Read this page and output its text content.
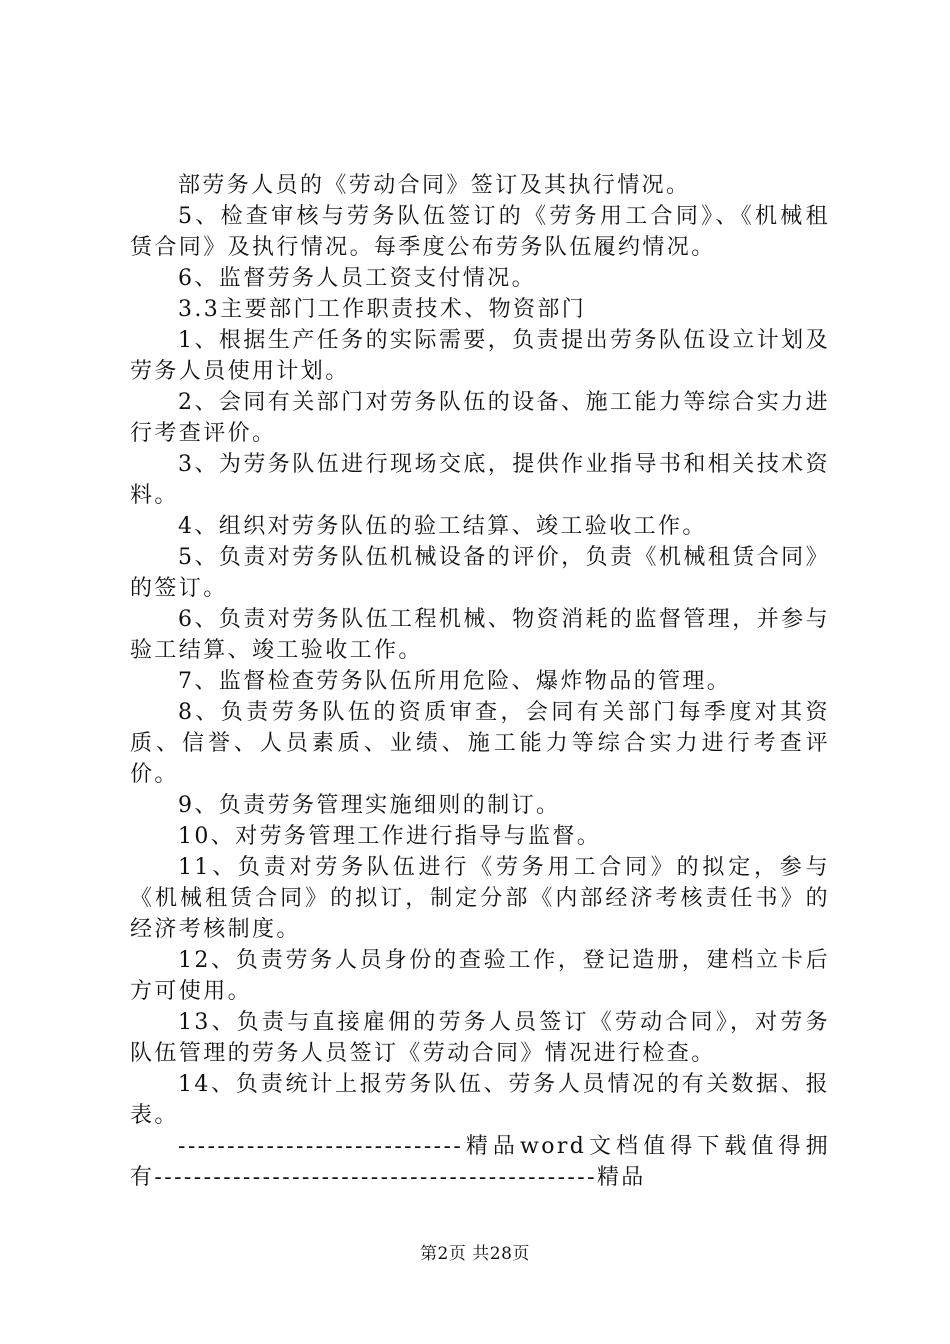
部劳务人员的《劳动合同》签订及其执行情况。

5、检查审核与劳务队伍签订的《劳务用工合同》、《机械租赁合同》及执行情况。每季度公布劳务队伍履约情况。

6、监督劳务人员工资支付情况。

3.3主要部门工作职责技术、物资部门

1、根据生产任务的实际需要，负责提出劳务队伍设立计划及劳务人员使用计划。

2、会同有关部门对劳务队伍的设备、施工能力等综合实力进行考查评价。

3、为劳务队伍进行现场交底，提供作业指导书和相关技术资料。

4、组织对劳务队伍的验工结算、竣工验收工作。

5、负责对劳务队伍机械设备的评价，负责《机械租赁合同》的签订。

6、负责对劳务队伍工程机械、物资消耗的监督管理，并参与验工结算、竣工验收工作。

7、监督检查劳务队伍所用危险、爆炸物品的管理。

8、负责劳务队伍的资质审查，会同有关部门每季度对其资质、信誉、人员素质、业绩、施工能力等综合实力进行考查评价。

9、负责劳务管理实施细则的制订。

10、对劳务管理工作进行指导与监督。

11、负责对劳务队伍进行《劳务用工合同》的拟定，参与《机械租赁合同》的拟订，制定分部《内部经济考核责任书》的经济考核制度。

12、负责劳务人员身份的查验工作，登记造册，建档立卡后方可使用。

13、负责与直接雇佣的劳务人员签订《劳动合同》，对劳务队伍管理的劳务人员签订《劳动合同》情况进行检查。

14、负责统计上报劳务队伍、劳务人员情况的有关数据、报表。

-----------------------------精品word文档值得下载值得拥有---------------------------------------------精品

第2页 共28页
